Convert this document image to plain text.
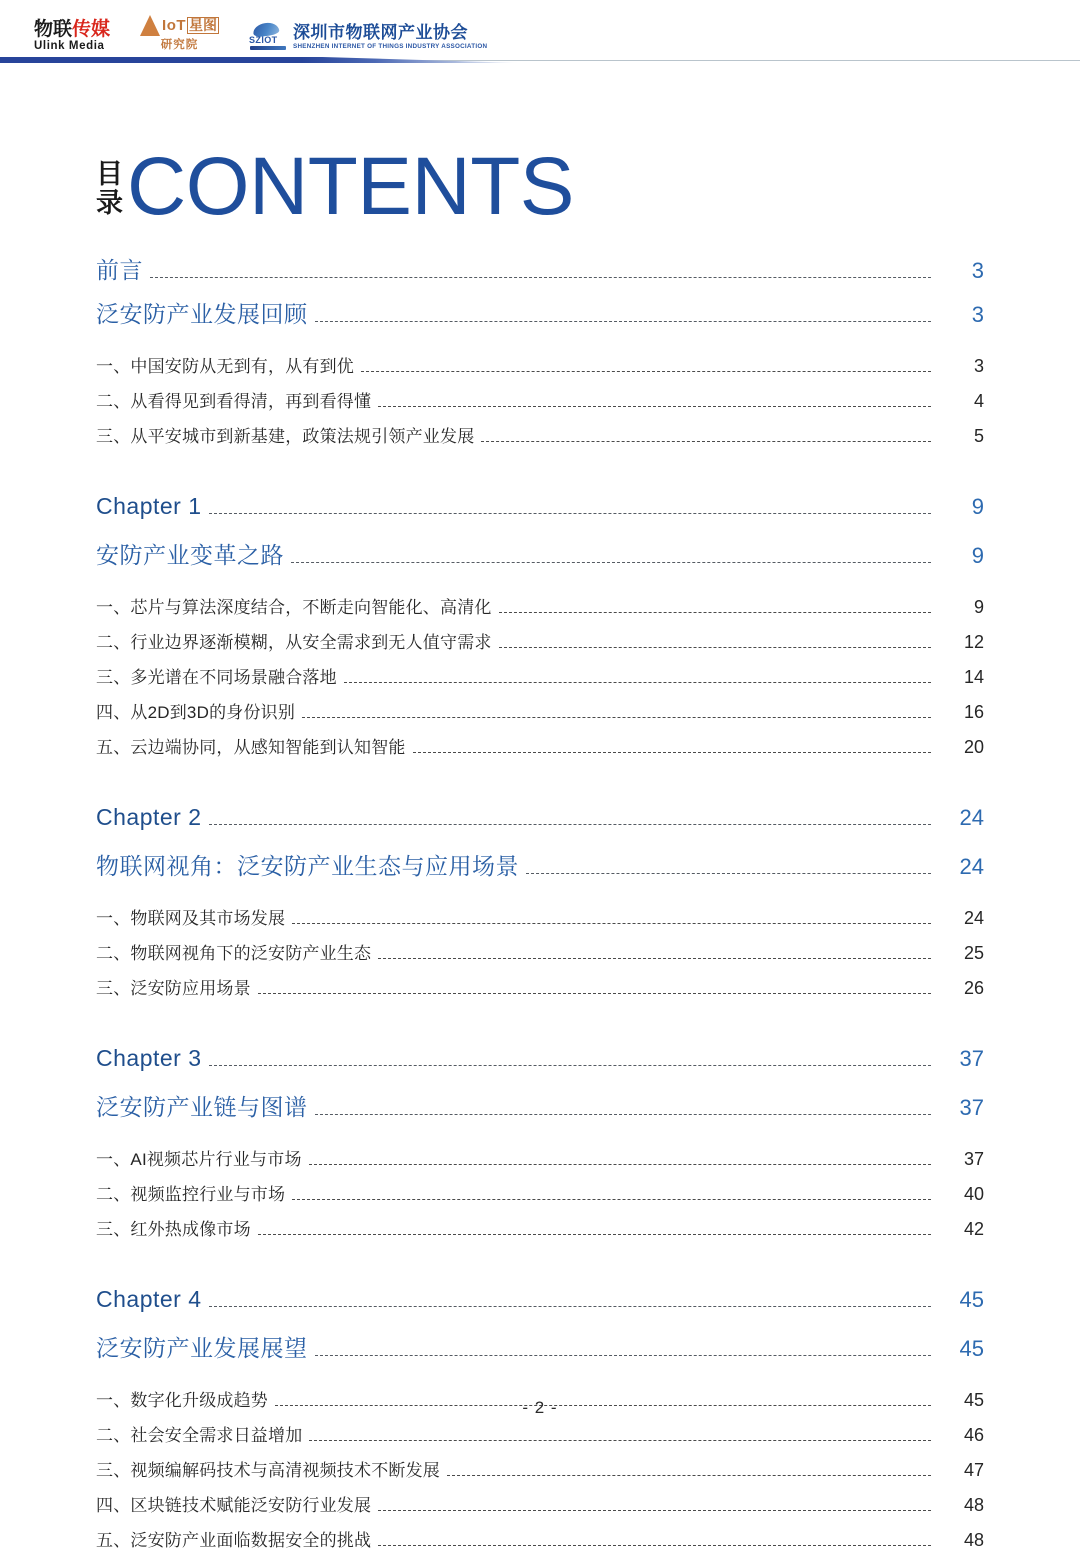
物联传媒
Ulink Media
IoT 星图
研究院	SZIOT 深圳市物联网产业协会
SHENZHEN INTERNET OF THINGS INDUSTRY ASSOCIATION
目
录 CONTENTS
前言	3
泛安防产业发展回顾	3
一、中国安防从无到有，从有到优	3
二、从看得见到看得清，再到看得懂	4
三、从平安城市到新基建，政策法规引领产业发展	5
Chapter 1	9
安防产业变革之路	9
一、芯片与算法深度结合，不断走向智能化、高清化	9
二、行业边界逐渐模糊，从安全需求到无人值守需求	12
三、多光谱在不同场景融合落地	14
四、从2D到3D的身份识别	16
五、云边端协同，从感知智能到认知智能	20
Chapter 2	24
物联网视角：泛安防产业生态与应用场景	24
一、物联网及其市场发展	24
二、物联网视角下的泛安防产业生态	25
三、泛安防应用场景	26
Chapter 3	37
泛安防产业链与图谱	37
一、AI视频芯片行业与市场	37
二、视频监控行业与市场	40
三、红外热成像市场	42
Chapter 4	45
泛安防产业发展展望	45
一、数字化升级成趋势	45
二、社会安全需求日益增加	46
三、视频编解码技术与高清视频技术不断发展	47
四、区块链技术赋能泛安防行业发展	48
五、泛安防产业面临数据安全的挑战	48
- 2 -
